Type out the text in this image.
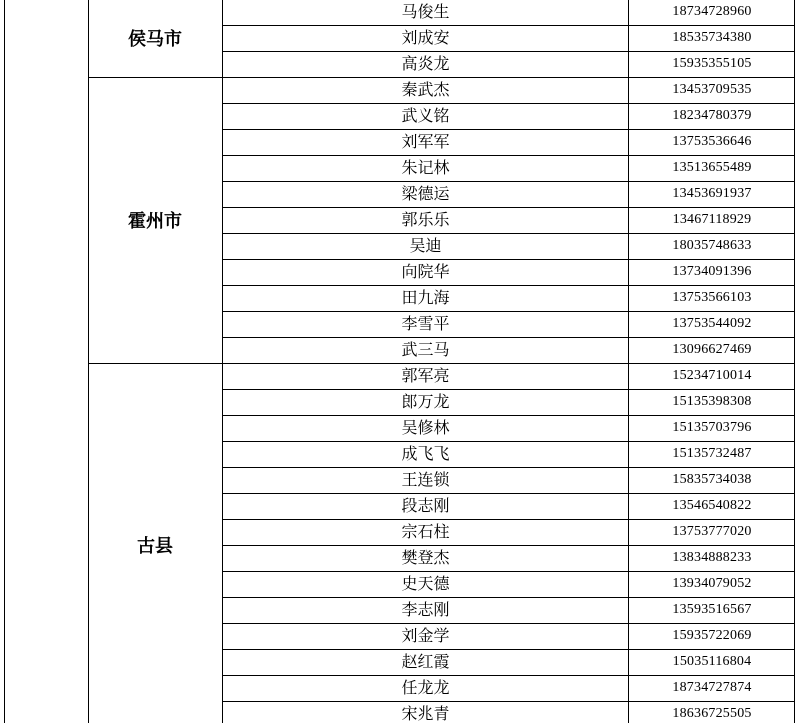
侯马市
马俊生	18734728960
刘成安	18535734380
高炎龙	15935355105
霍州市
秦武杰	13453709535
武义铭	18234780379
刘军军	13753536646
朱记林	13513655489
梁德运	13453691937
郭乐乐	13467118929
吴迪	18035748633
向院华	13734091396
田九海	13753566103
李雪平	13753544092
武三马	13096627469
古县
郭军亮	15234710014
郎万龙	15135398308
吴修林	15135703796
成飞飞	15135732487
王连锁	15835734038
段志刚	13546540822
宗石柱	13753777020
樊登杰	13834888233
史天德	13934079052
李志刚	13593516567
刘金学	15935722069
赵红霞	15035116804
任龙龙	18734727874
宋兆青	18636725505
